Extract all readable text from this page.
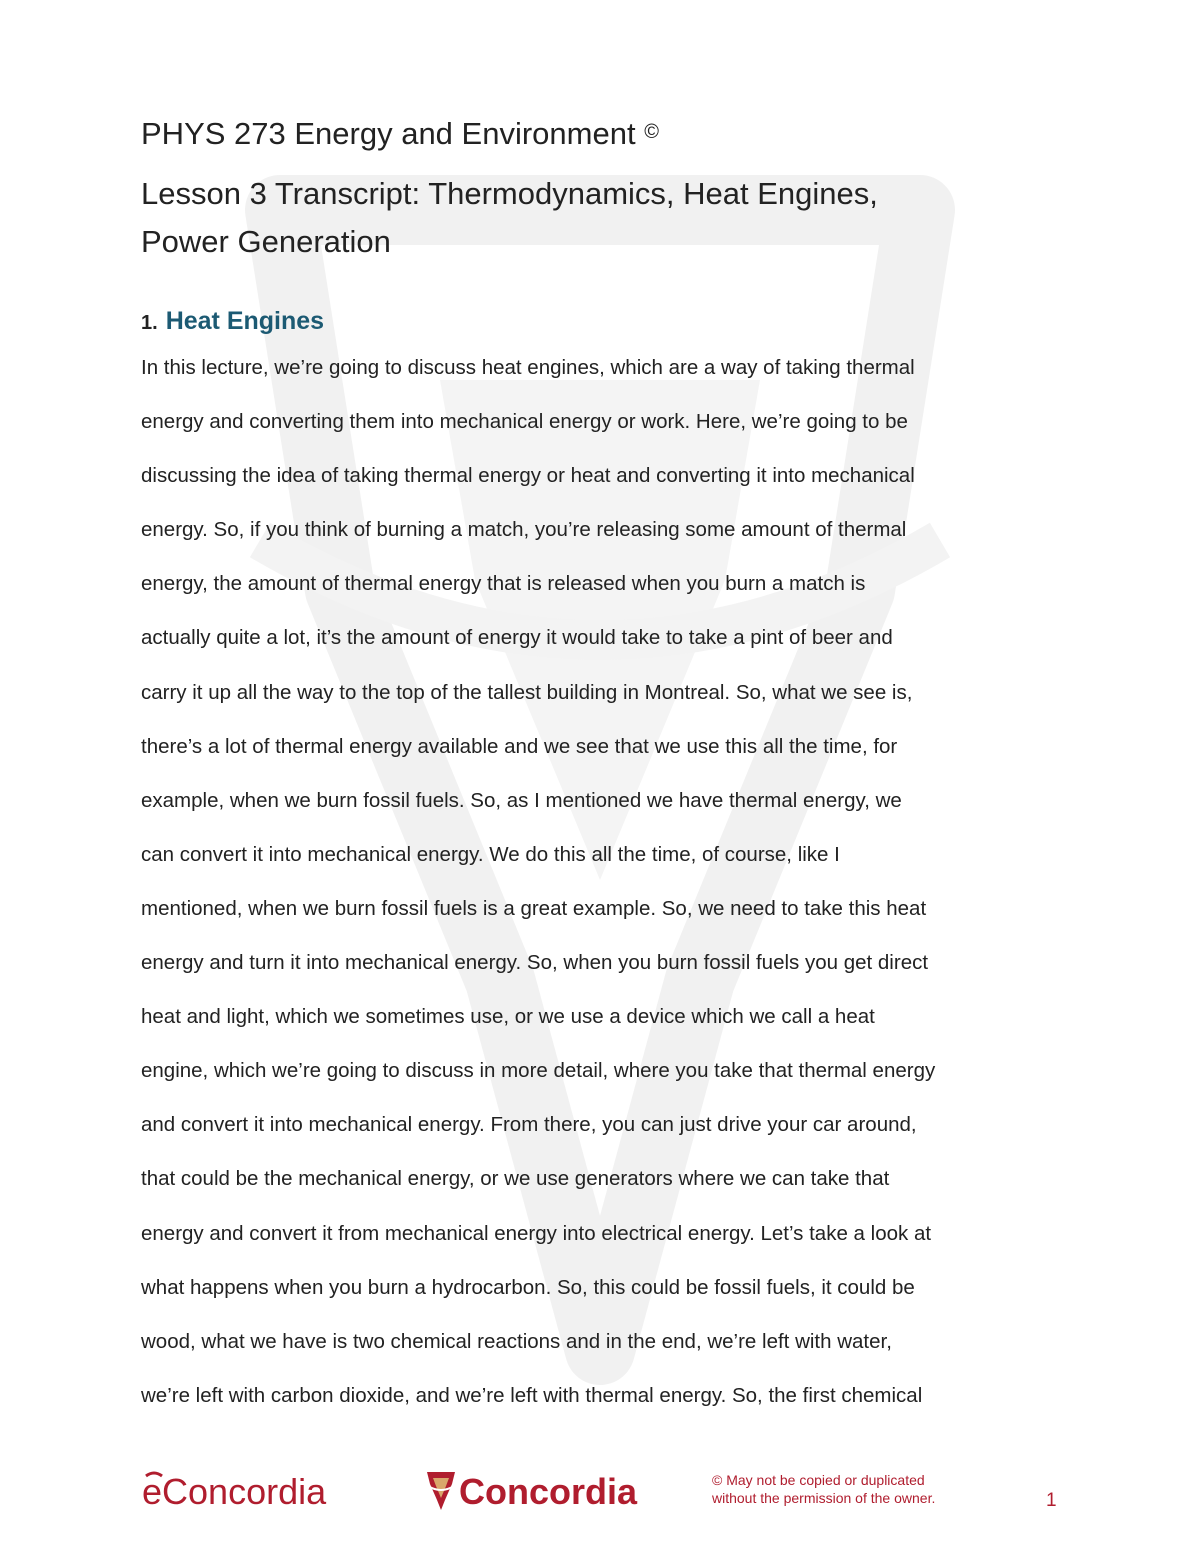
PHYS 273 Energy and Environment ©
Lesson 3 Transcript: Thermodynamics, Heat Engines,
Power Generation
1. Heat Engines
In this lecture, we’re going to discuss heat engines, which are a way of taking thermal
energy and converting them into mechanical energy or work. Here, we’re going to be
discussing the idea of taking thermal energy or heat and converting it into mechanical
energy. So, if you think of burning a match, you’re releasing some amount of thermal
energy, the amount of thermal energy that is released when you burn a match is
actually quite a lot, it’s the amount of energy it would take to take a pint of beer and
carry it up all the way to the top of the tallest building in Montreal. So, what we see is,
there’s a lot of thermal energy available and we see that we use this all the time, for
example, when we burn fossil fuels. So, as I mentioned we have thermal energy, we
can convert it into mechanical energy. We do this all the time, of course, like I
mentioned, when we burn fossil fuels is a great example. So, we need to take this heat
energy and turn it into mechanical energy. So, when you burn fossil fuels you get direct
heat and light, which we sometimes use, or we use a device which we call a heat
engine, which we’re going to discuss in more detail, where you take that thermal energy
and convert it into mechanical energy. From there, you can just drive your car around,
that could be the mechanical energy, or we use generators where we can take that
energy and convert it from mechanical energy into electrical energy. Let’s take a look at
what happens when you burn a hydrocarbon. So, this could be fossil fuels, it could be
wood, what we have is two chemical reactions and in the end, we’re left with water,
we’re left with carbon dioxide, and we’re left with thermal energy. So, the first chemical
eConcordia	Concordia	© May not be copied or duplicated
without the permission of the owner.	1
